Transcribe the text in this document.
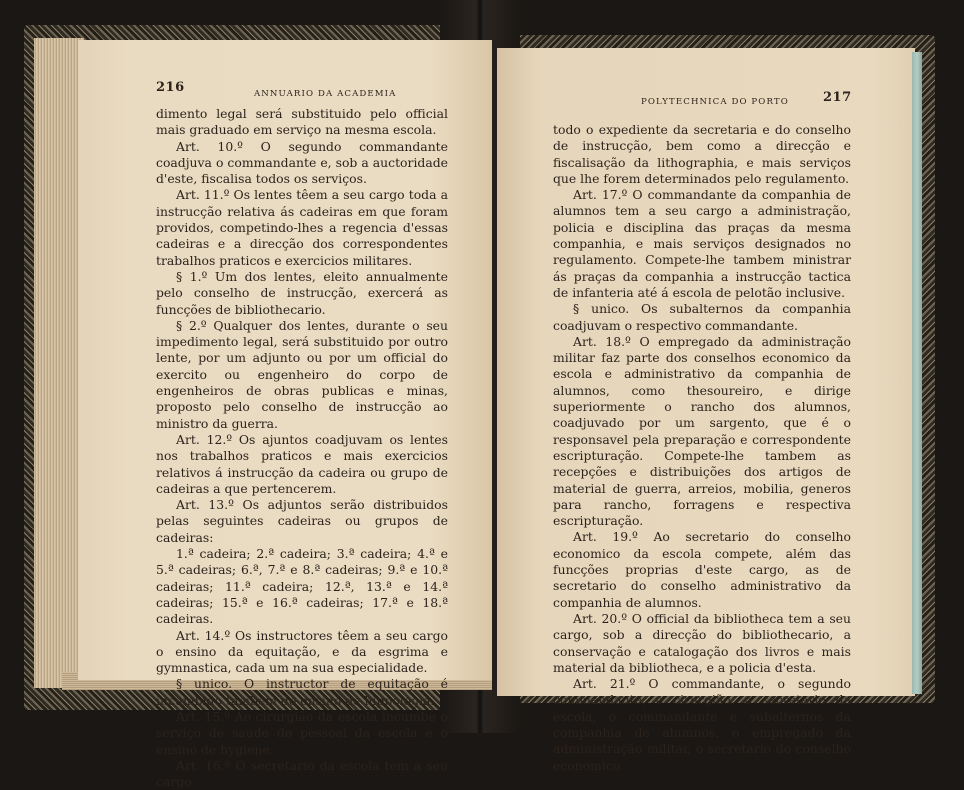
216	ANNUARIO DA ACADEMIA

dimento legal será substituido pelo official mais graduado em serviço na mesma escola.

Art. 10.º O segundo commandante coadjuva o commandante e, sob a auctoridade d'este, fiscalisa todos os serviços.

Art. 11.º Os lentes têem a seu cargo toda a instrucção relativa ás cadeiras em que foram providos, competindo-lhes a regencia d'essas cadeiras e a direcção dos correspondentes trabalhos praticos e exercicios militares.

§ 1.º Um dos lentes, eleito annualmente pelo conselho de instrucção, exercerá as funcções de bibliothecario.

§ 2.º Qualquer dos lentes, durante o seu impedimento legal, será substituido por outro lente, por um adjunto ou por um official do exercito ou engenheiro do corpo de engenheiros de obras publicas e minas, proposto pelo conselho de instrucção ao ministro da guerra.

Art. 12.º Os ajuntos coadjuvam os lentes nos trabalhos praticos e mais exercicios relativos á instrucção da cadeira ou grupo de cadeiras a que pertencerem.

Art. 13.º Os adjuntos serão distribuidos pelas seguintes cadeiras ou grupos de cadeiras:

1.ª cadeira; 2.ª cadeira; 3.ª cadeira; 4.ª e 5.ª cadeiras; 6.ª, 7.ª e 8.ª cadeiras; 9.ª e 10.ª cadeiras; 11.ª cadeira; 12.ª, 13.ª e 14.ª cadeiras; 15.ª e 16.ª cadeiras; 17.ª e 18.ª cadeiras.

Art. 14.º Os instructores têem a seu cargo o ensino da equitação, e da esgrima e gymnastica, cada um na sua especialidade.

§ unico. O instructor de equitação é incumbido tambem do ensino de hippologia.

Art. 15.º Ao cirurgião da escola incumbe o serviço de saude do pessoal da escola e o ensino de hygiene.

Art. 16.º O secretario da escola tem a seu cargo

POLYTECHNICA DO PORTO	217

todo o expediente da secretaria e do conselho de instrucção, bem como a direcção e fiscalisação da lithographia, e mais serviços que lhe forem determinados pelo regulamento.

Art. 17.º O commandante da companhia de alumnos tem a seu cargo a administração, policia e disciplina das praças da mesma companhia, e mais serviços designados no regulamento. Compete-lhe tambem ministrar ás praças da companhia a instrucção tactica de infanteria até á escola de pelotão inclusive.

§ unico. Os subalternos da companhia coadjuvam o respectivo commandante.

Art. 18.º O empregado da administração militar faz parte dos conselhos economico da escola e administrativo da companhia de alumnos, como thesoureiro, e dirige superiormente o rancho dos alumnos, coadjuvado por um sargento, que é o responsavel pela preparação e correspondente escripturação. Compete-lhe tambem as recepções e distribuições dos artigos de material de guerra, arreios, mobilia, generos para rancho, forragens e respectiva escripturação.

Art. 19.º Ao secretario do conselho economico da escola compete, além das funcções proprias d'este cargo, as de secretario do conselho administrativo da companhia de alumnos.

Art. 20.º O official da bibliotheca tem a seu cargo, sob a direcção do bibliothecario, a conservação e catalogação dos livros e mais material da bibliotheca, e a policia d'esta.

Art. 21.º O commandante, o segundo commandante, o cirurgião, o secretario da escola, o commandante e subalternos da companhia de alumnos, o empregado da administração militar, o secretario do conselho economico
